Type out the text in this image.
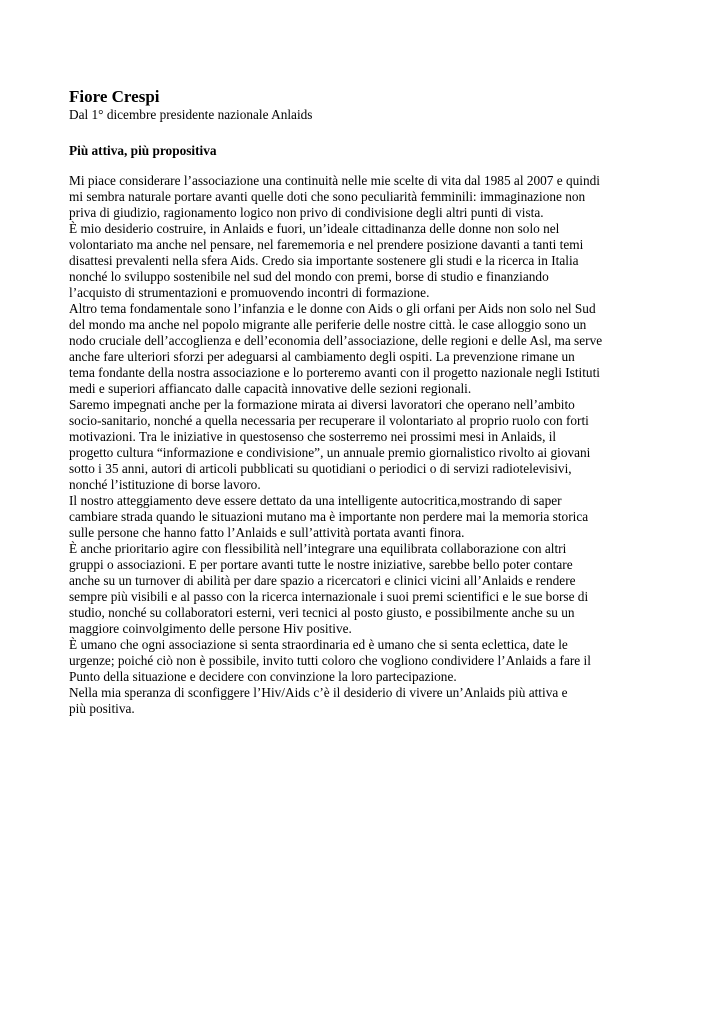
Fiore Crespi

Dal 1° dicembre presidente nazionale Anlaids

Più attiva, più propositiva

Mi piace considerare l’associazione una continuità nelle mie scelte di vita dal 1985 al 2007 e quindi
mi sembra naturale portare avanti quelle doti che sono peculiarità femminili: immaginazione non
priva di giudizio, ragionamento logico non privo di condivisione degli altri punti di vista.

È mio desiderio costruire, in Anlaids e fuori, un’ideale cittadinanza delle donne non solo nel
volontariato ma anche nel pensare, nel farememoria e nel prendere posizione davanti a tanti temi
disattesi prevalenti nella sfera Aids. Credo sia importante sostenere gli studi e la ricerca in Italia
nonché lo sviluppo sostenibile nel sud del mondo con premi, borse di studio e finanziando
l’acquisto di strumentazioni e promuovendo incontri di formazione.

Altro tema fondamentale sono l’infanzia e le donne con Aids o gli orfani per Aids non solo nel Sud
del mondo ma anche nel popolo migrante alle periferie delle nostre città. le case alloggio sono un
nodo cruciale dell’accoglienza e dell’economia dell’associazione, delle regioni e delle Asl, ma serve
anche fare ulteriori sforzi per adeguarsi al cambiamento degli ospiti. La prevenzione rimane un
tema fondante della nostra associazione e lo porteremo avanti con il progetto nazionale negli Istituti
medi e superiori affiancato dalle capacità innovative delle sezioni regionali.

Saremo impegnati anche per la formazione mirata ai diversi lavoratori che operano nell’ambito
socio-sanitario, nonché a quella necessaria per recuperare il volontariato al proprio ruolo con forti
motivazioni. Tra le iniziative in questosenso che sosterremo nei prossimi mesi in Anlaids, il
progetto cultura “informazione e condivisione”, un annuale premio giornalistico rivolto ai giovani
sotto i 35 anni, autori di articoli pubblicati su quotidiani o periodici o di servizi radiotelevisivi,
nonché l’istituzione di borse lavoro.

Il nostro atteggiamento deve essere dettato da una intelligente autocritica,mostrando di saper
cambiare strada quando le situazioni mutano ma è importante non perdere mai la memoria storica
sulle persone che hanno fatto l’Anlaids e sull’attività portata avanti finora.

È anche prioritario agire con flessibilità nell’integrare una equilibrata collaborazione con altri
gruppi o associazioni. E per portare avanti tutte le nostre iniziative, sarebbe bello poter contare
anche su un turnover di abilità per dare spazio a ricercatori e clinici vicini all’Anlaids e rendere
sempre più visibili e al passo con la ricerca internazionale i suoi premi scientifici e le sue borse di
studio, nonché su collaboratori esterni, veri tecnici al posto giusto, e possibilmente anche su un
maggiore coinvolgimento delle persone Hiv positive.

È umano che ogni associazione si senta straordinaria ed è umano che si senta eclettica, date le
urgenze; poiché ciò non è possibile, invito tutti coloro che vogliono condividere l’Anlaids a fare il
Punto della situazione e decidere con convinzione la loro partecipazione.

Nella mia speranza di sconfiggere l’Hiv/Aids c’è il desiderio di vivere un’Anlaids più attiva e
più positiva.
